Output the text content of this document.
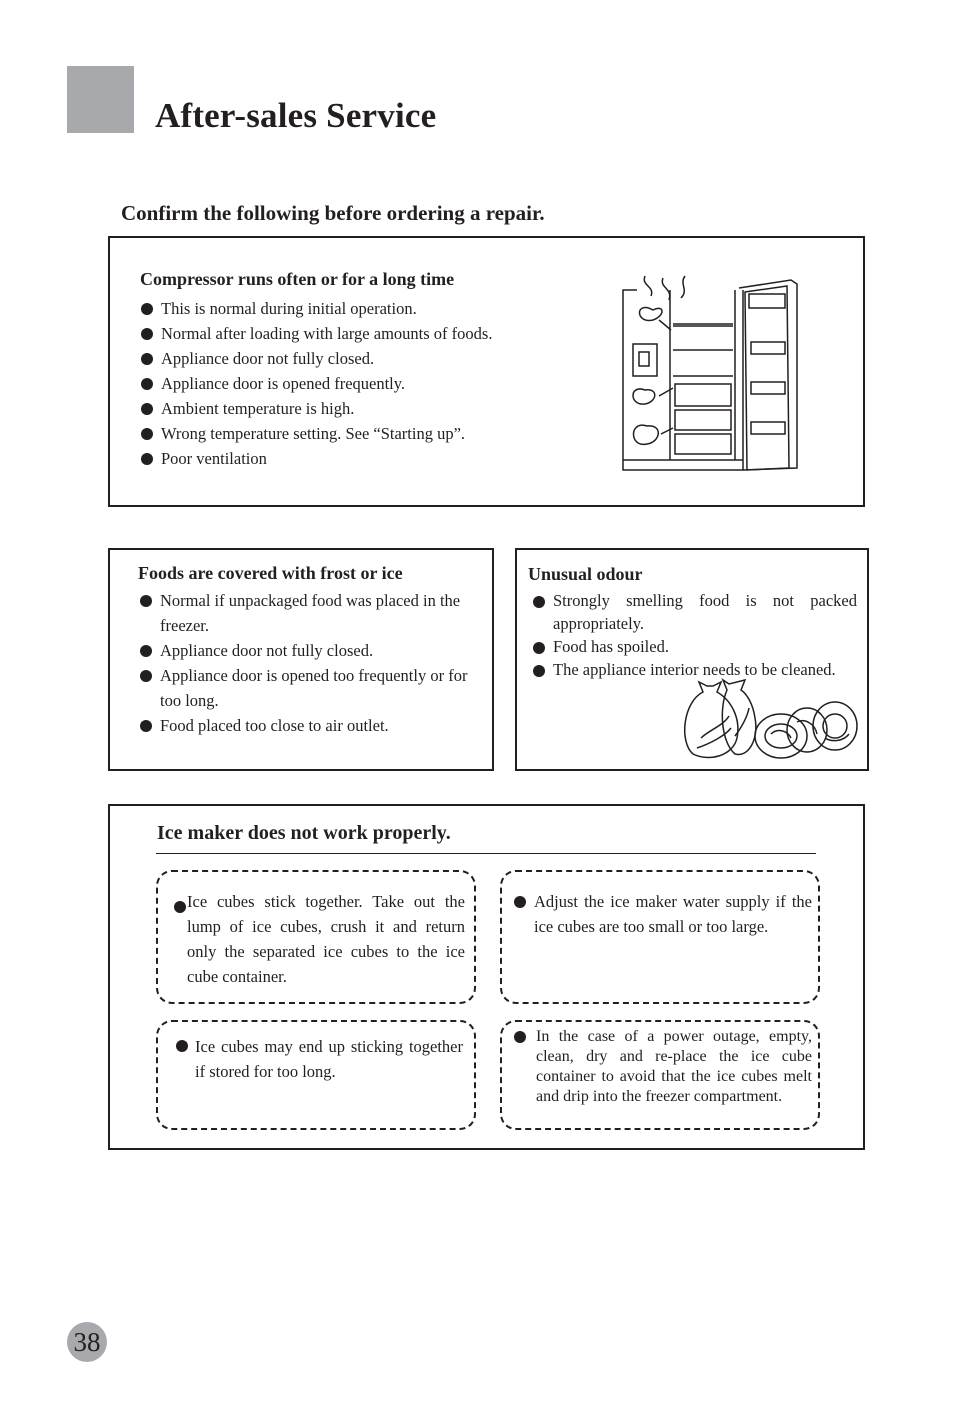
After-sales Service
Confirm the following before ordering a repair.
Compressor runs often or for a long time
This is normal during initial operation.
Normal after loading with large amounts of foods.
Appliance door not fully closed.
Appliance door is opened frequently.
Ambient temperature is high.
Wrong temperature setting. See “Starting up”.
Poor ventilation
Foods are covered with frost or ice
Normal if unpackaged food was placed in the freezer.
Appliance door not fully closed.
Appliance door is opened too frequently or for too long.
Food placed too close to air outlet.
Unusual odour
Strongly smelling food is not packed appropriately.
Food has spoiled.
The appliance interior needs to be cleaned.
Ice maker does not work properly.
Ice cubes stick together. Take out the lump of ice cubes, crush it and return only the separated ice cubes to the ice cube container.
Adjust the ice maker water supply if the ice cubes are too small or too large.
Ice cubes may end up sticking together if stored for too long.
In the case of a power outage, empty, clean, dry and re-place the ice cube container to avoid that the ice cubes melt and drip into the freezer compartment.
38
